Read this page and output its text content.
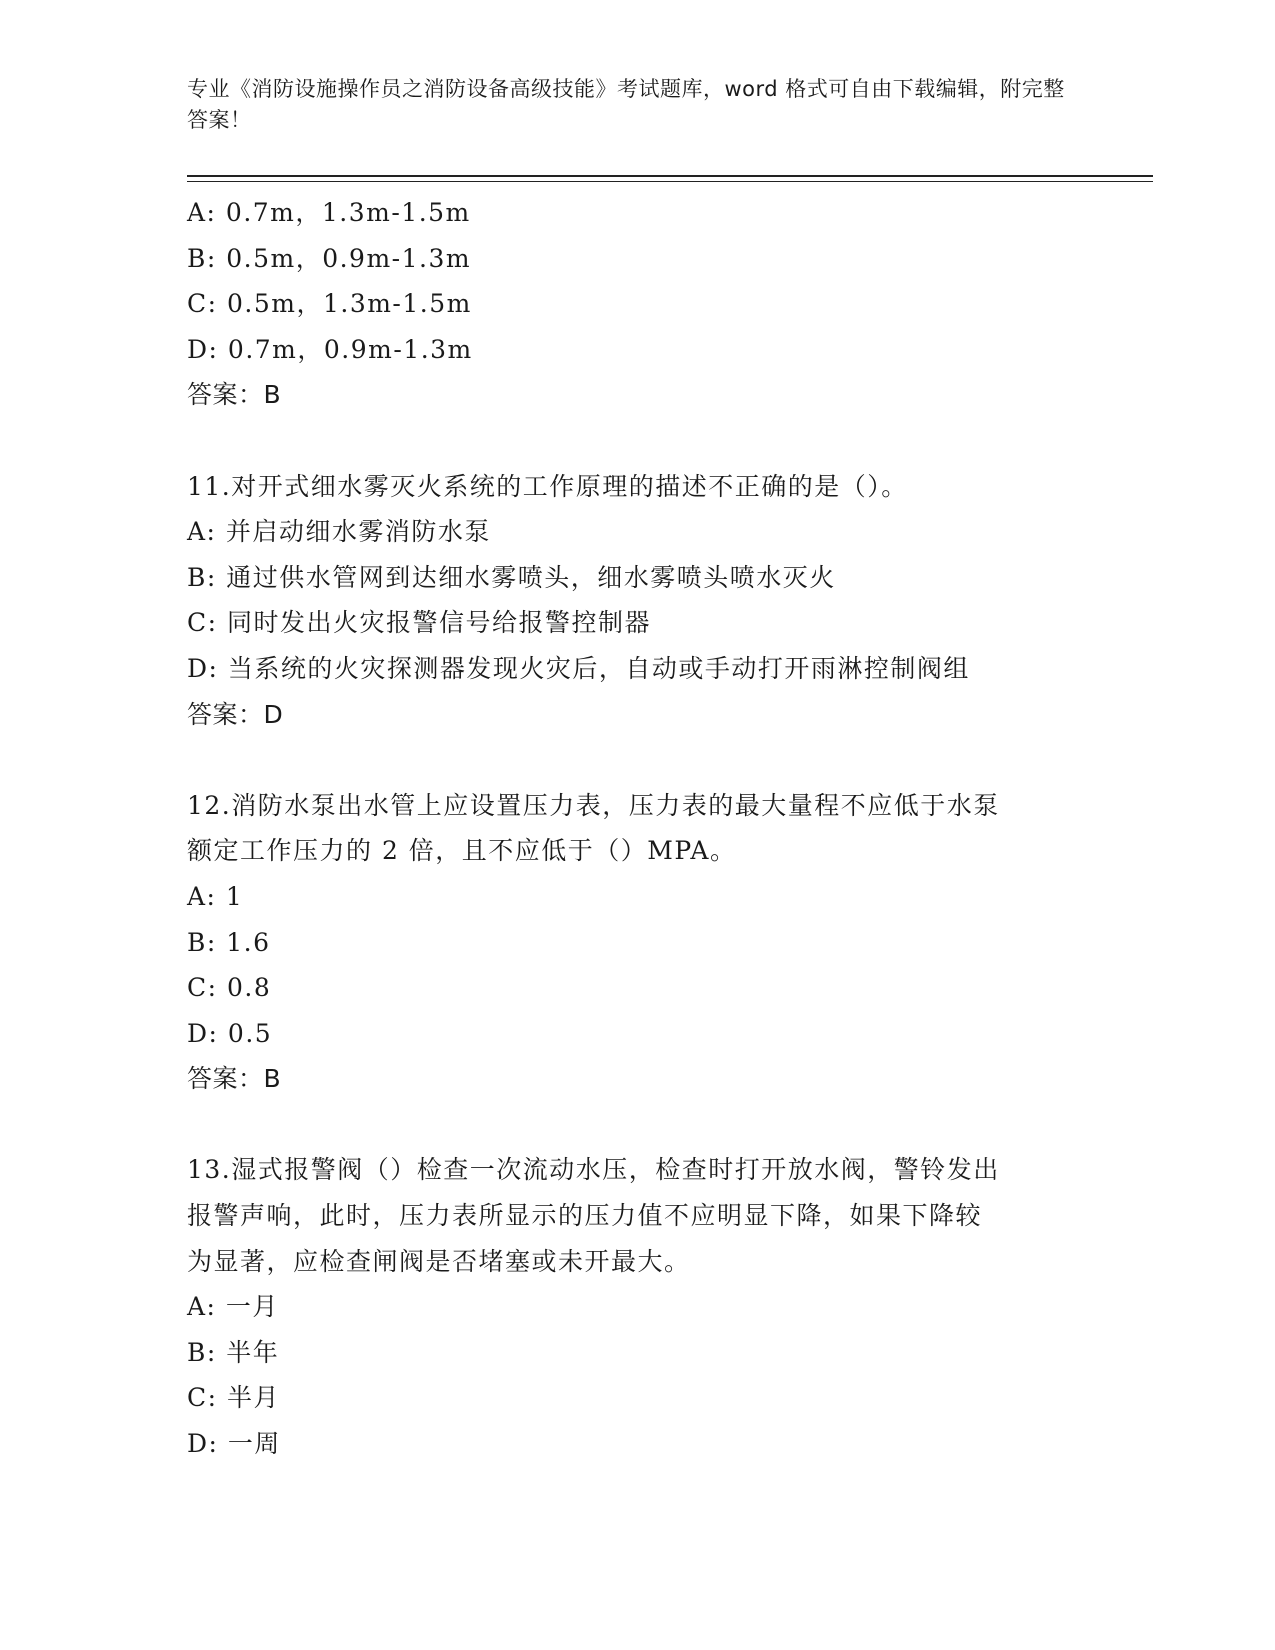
专业《消防设施操作员之消防设备高级技能》考试题库，word 格式可自由下载编辑，附完整答案！
A: 0.7m，1.3m-1.5m
B: 0.5m，0.9m-1.3m
C: 0.5m，1.3m-1.5m
D: 0.7m，0.9m-1.3m
答案：B
11.对开式细水雾灭火系统的工作原理的描述不正确的是（）。
A: 并启动细水雾消防水泵
B: 通过供水管网到达细水雾喷头，细水雾喷头喷水灭火
C: 同时发出火灾报警信号给报警控制器
D: 当系统的火灾探测器发现火灾后，自动或手动打开雨淋控制阀组
答案：D
12.消防水泵出水管上应设置压力表，压力表的最大量程不应低于水泵
额定工作压力的 2 倍，且不应低于（）MPA。
A: 1
B: 1.6
C: 0.8
D: 0.5
答案：B
13.湿式报警阀（）检查一次流动水压，检查时打开放水阀，警铃发出
报警声响，此时，压力表所显示的压力值不应明显下降，如果下降较
为显著，应检查闸阀是否堵塞或未开最大。
A: 一月
B: 半年
C: 半月
D: 一周
